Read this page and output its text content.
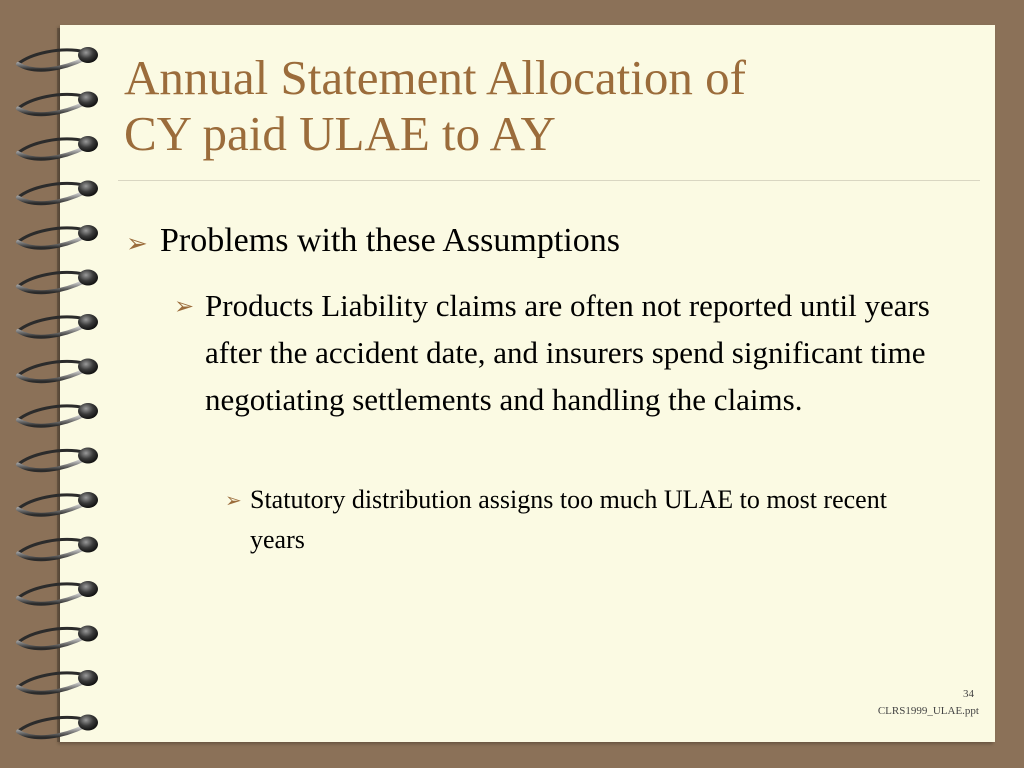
Annual Statement Allocation of
CY paid ULAE to AY
➢ Problems with these Assumptions
➢ Products Liability claims are often not reported until years after the accident date, and insurers spend significant time negotiating settlements and handling the claims.
➢ Statutory distribution assigns too much ULAE to most recent years
34
CLRS1999_ULAE.ppt
